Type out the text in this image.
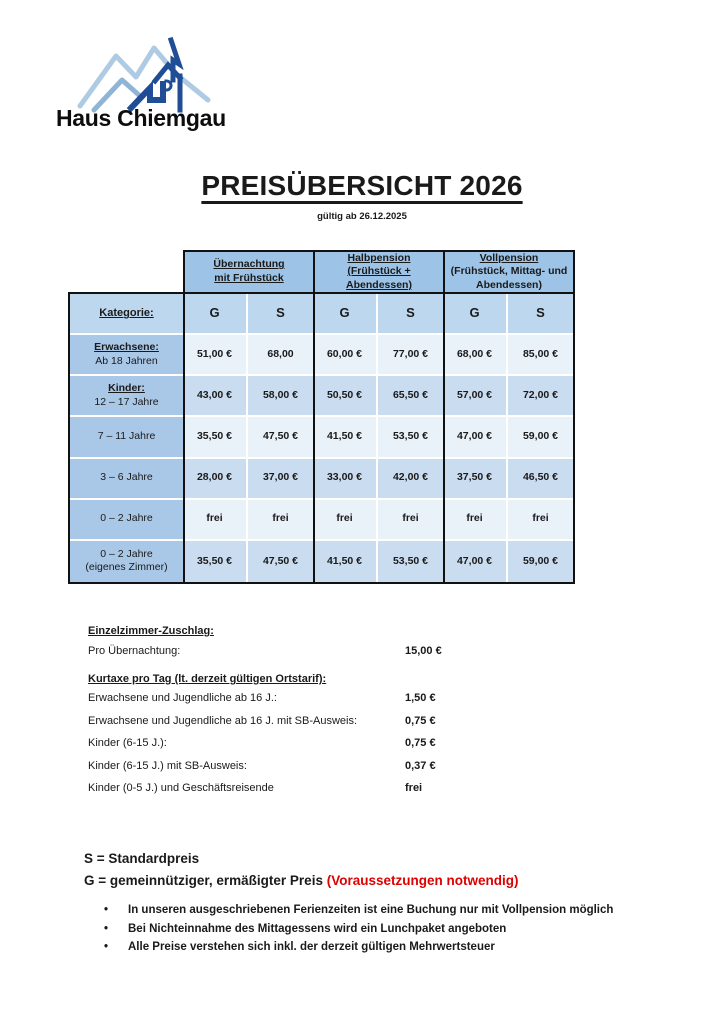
Haus Chiemgau
PREISÜBERSICHT 2026
gültig ab 26.12.2025
Übernachtung
mit Frühstück
Halbpension
(Frühstück + Abendessen)
Vollpension
(Frühstück, Mittag- und Abendessen)
Kategorie:	G	S	G	S	G	S
Erwachsene:
Ab 18 Jahren
51,00 €	68,00	60,00 €	77,00 €	68,00 €	85,00 €
Kinder:
12 – 17 Jahre
43,00 €	58,00 €	50,50 €	65,50 €	57,00 €	72,00 €
7 – 11 Jahre	35,50 €	47,50 €	41,50 €	53,50 €	47,00 €	59,00 €
3 – 6 Jahre	28,00 €	37,00 €	33,00 €	42,00 €	37,50 €	46,50 €
0 – 2 Jahre	frei	frei	frei	frei	frei	frei
0 – 2 Jahre
(eigenes Zimmer)
35,50 €	47,50 €	41,50 €	53,50 €	47,00 €	59,00 €
Einzelzimmer-Zuschlag:
Pro Übernachtung:	15,00 €
Kurtaxe pro Tag (lt. derzeit gültigen Ortstarif):
Erwachsene und Jugendliche ab 16 J.:	1,50 €
Erwachsene und Jugendliche ab 16 J. mit SB-Ausweis:	0,75 €
Kinder (6-15 J.):	0,75 €
Kinder (6-15 J.) mit SB-Ausweis:	0,37 €
Kinder (0-5 J.) und Geschäftsreisende	frei
S = Standardpreis
G = gemeinnütziger, ermäßigter Preis (Voraussetzungen notwendig)
• In unseren ausgeschriebenen Ferienzeiten ist eine Buchung nur mit Vollpension möglich
• Bei Nichteinnahme des Mittagessens wird ein Lunchpaket angeboten
• Alle Preise verstehen sich inkl. der derzeit gültigen Mehrwertsteuer
